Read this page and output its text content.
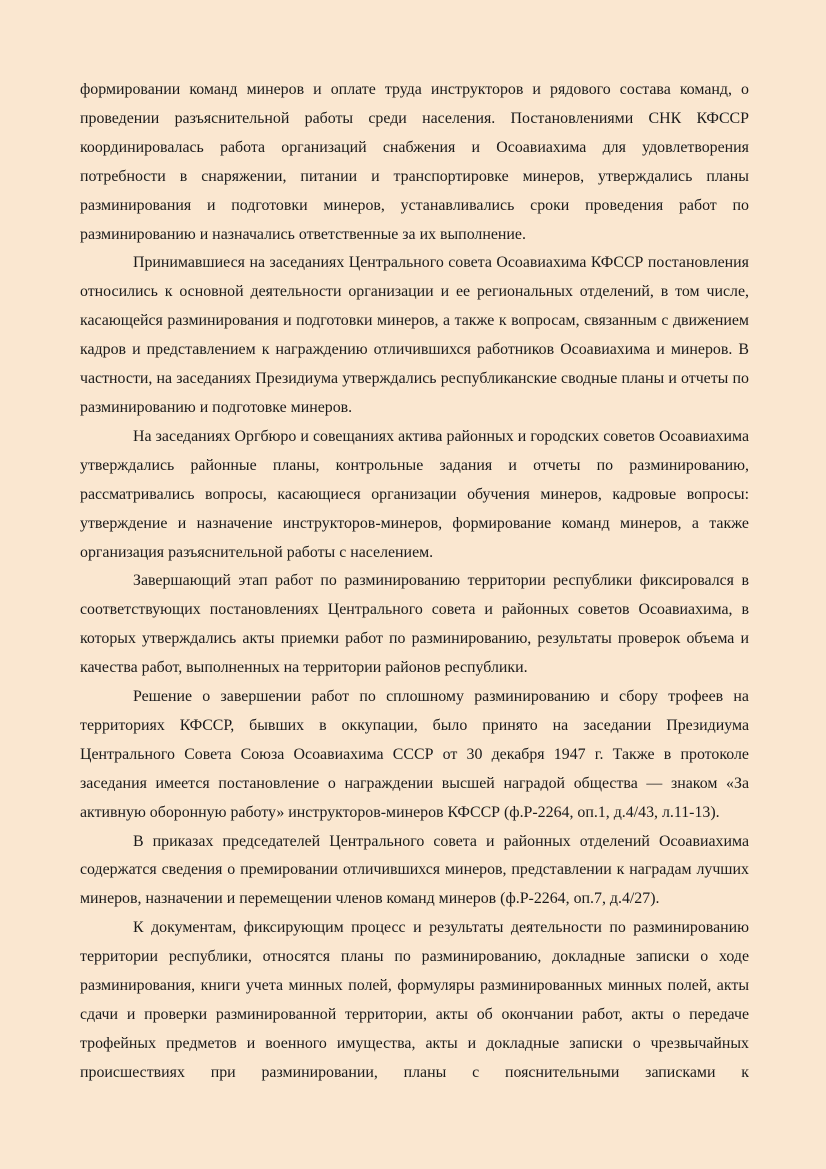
формировании команд минеров и оплате труда инструкторов и рядового состава команд, о проведении разъяснительной работы среди населения. Постановлениями СНК КФССР координировалась работа организаций снабжения и Осоавиахима для удовлетворения потребности в снаряжении, питании и транспортировке минеров, утверждались планы разминирования и подготовки минеров, устанавливались сроки проведения работ по разминированию и назначались ответственные за их выполнение.

Принимавшиеся на заседаниях Центрального совета Осоавиахима КФССР постановления относились к основной деятельности организации и ее региональных отделений, в том числе, касающейся разминирования и подготовки минеров, а также к вопросам, связанным с движением кадров и представлением к награждению отличившихся работников Осоавиахима и минеров. В частности, на заседаниях Президиума утверждались республиканские сводные планы и отчеты по разминированию и подготовке минеров.

На заседаниях Оргбюро и совещаниях актива районных и городских советов Осоавиахима утверждались районные планы, контрольные задания и отчеты по разминированию, рассматривались вопросы, касающиеся организации обучения минеров, кадровые вопросы: утверждение и назначение инструкторов-минеров, формирование команд минеров, а также организация разъяснительной работы с населением.

Завершающий этап работ по разминированию территории республики фиксировался в соответствующих постановлениях Центрального совета и районных советов Осоавиахима, в которых утверждались акты приемки работ по разминированию, результаты проверок объема и качества работ, выполненных на территории районов республики.

Решение о завершении работ по сплошному разминированию и сбору трофеев на территориях КФССР, бывших в оккупации, было принято на заседании Президиума Центрального Совета Союза Осоавиахима СССР от 30 декабря 1947 г. Также в протоколе заседания имеется постановление о награждении высшей наградой общества — знаком «За активную оборонную работу» инструкторов-минеров КФССР (ф.Р-2264, оп.1, д.4/43, л.11-13).

В приказах председателей Центрального совета и районных отделений Осоавиахима содержатся сведения о премировании отличившихся минеров, представлении к наградам лучших минеров, назначении и перемещении членов команд минеров (ф.Р-2264, оп.7, д.4/27).

К документам, фиксирующим процесс и результаты деятельности по разминированию территории республики, относятся планы по разминированию, докладные записки о ходе разминирования, книги учета минных полей, формуляры разминированных минных полей, акты сдачи и проверки разминированной территории, акты об окончании работ, акты о передаче трофейных предметов и военного имущества, акты и докладные записки о чрезвычайных происшествиях при разминировании, планы с пояснительными записками к
